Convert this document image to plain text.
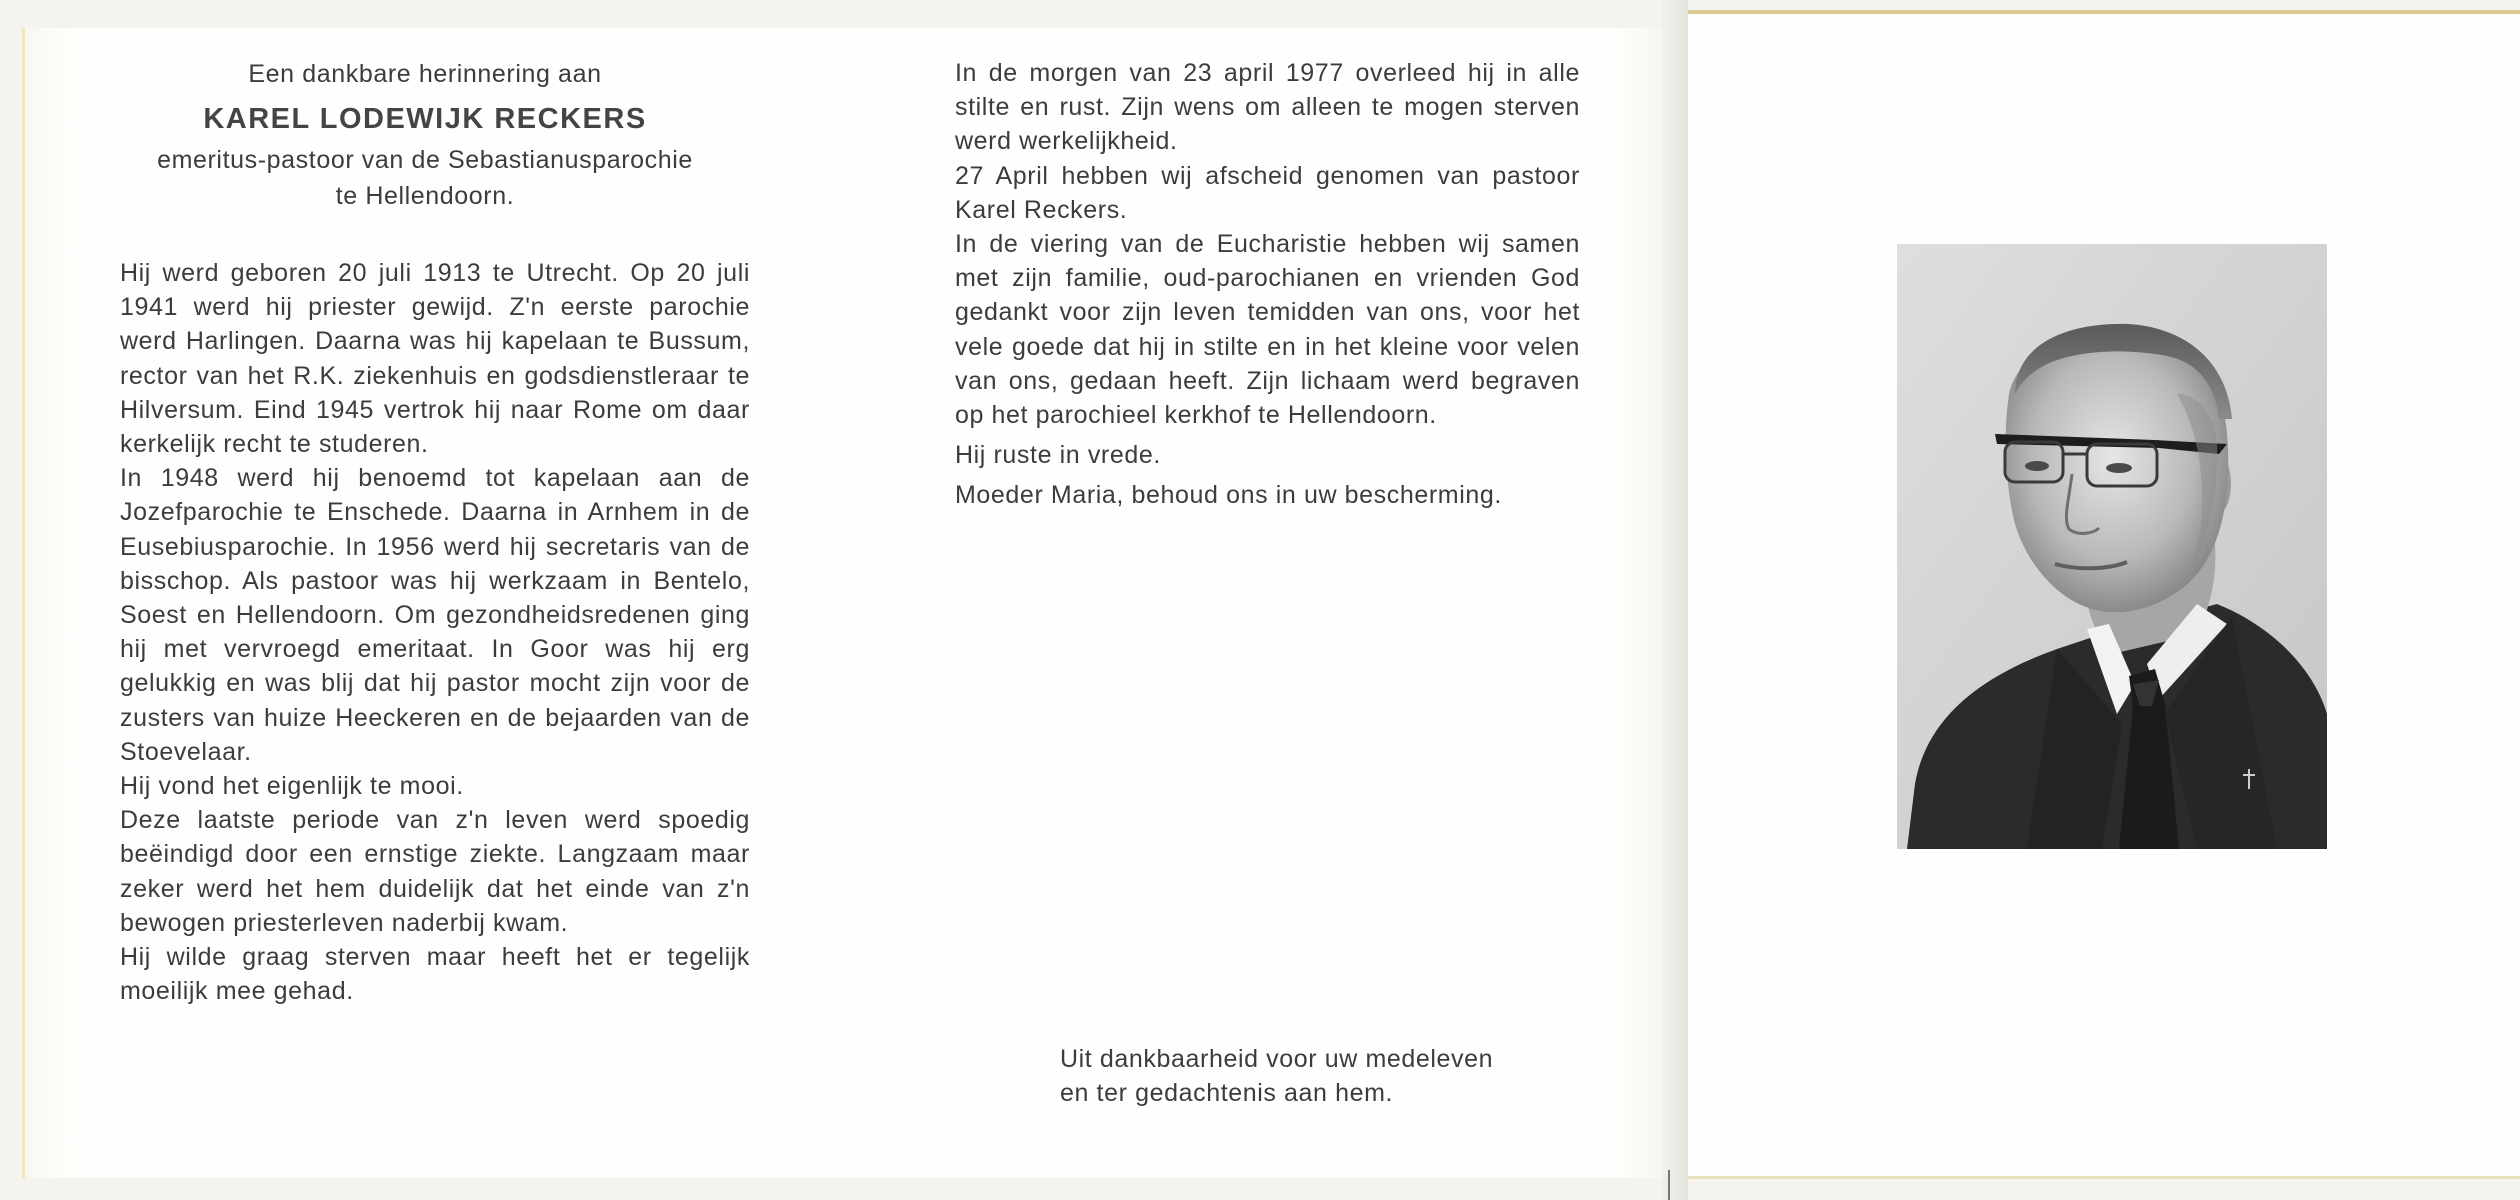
Een dankbare herinnering aan
KAREL LODEWIJK RECKERS
emeritus-pastoor van de Sebastianusparochie
te Hellendoorn.

Hij werd geboren 20 juli 1913 te Utrecht. Op 20 juli 1941 werd hij priester gewijd. Z'n eerste parochie werd Harlingen. Daarna was hij kapelaan te Bussum, rector van het R.K. ziekenhuis en godsdienstleraar te Hilversum. Eind 1945 vertrok hij naar Rome om daar kerkelijk recht te studeren.

In 1948 werd hij benoemd tot kapelaan aan de Jozefparochie te Enschede. Daarna in Arnhem in de Eusebiusparochie. In 1956 werd hij secretaris van de bisschop. Als pastoor was hij werkzaam in Bentelo, Soest en Hellendoorn. Om gezondheidsredenen ging hij met vervroegd emeritaat. In Goor was hij erg gelukkig en was blij dat hij pastor mocht zijn voor de zusters van huize Heeckeren en de bejaarden van de Stoevelaar.

Hij vond het eigenlijk te mooi.

Deze laatste periode van z'n leven werd spoedig beëindigd door een ernstige ziekte. Langzaam maar zeker werd het hem duidelijk dat het einde van z'n bewogen priesterleven naderbij kwam.

Hij wilde graag sterven maar heeft het er tegelijk moeilijk mee gehad.

In de morgen van 23 april 1977 overleed hij in alle stilte en rust. Zijn wens om alleen te mogen sterven werd werkelijkheid.

27 April hebben wij afscheid genomen van pastoor Karel Reckers.

In de viering van de Eucharistie hebben wij samen met zijn familie, oud-parochianen en vrienden God gedankt voor zijn leven temidden van ons, voor het vele goede dat hij in stilte en in het kleine voor velen van ons, gedaan heeft. Zijn lichaam werd begraven op het parochieel kerkhof te Hellendoorn.

Hij ruste in vrede.

Moeder Maria, behoud ons in uw bescherming.

Uit dankbaarheid voor uw medeleven

en ter gedachtenis aan hem.
